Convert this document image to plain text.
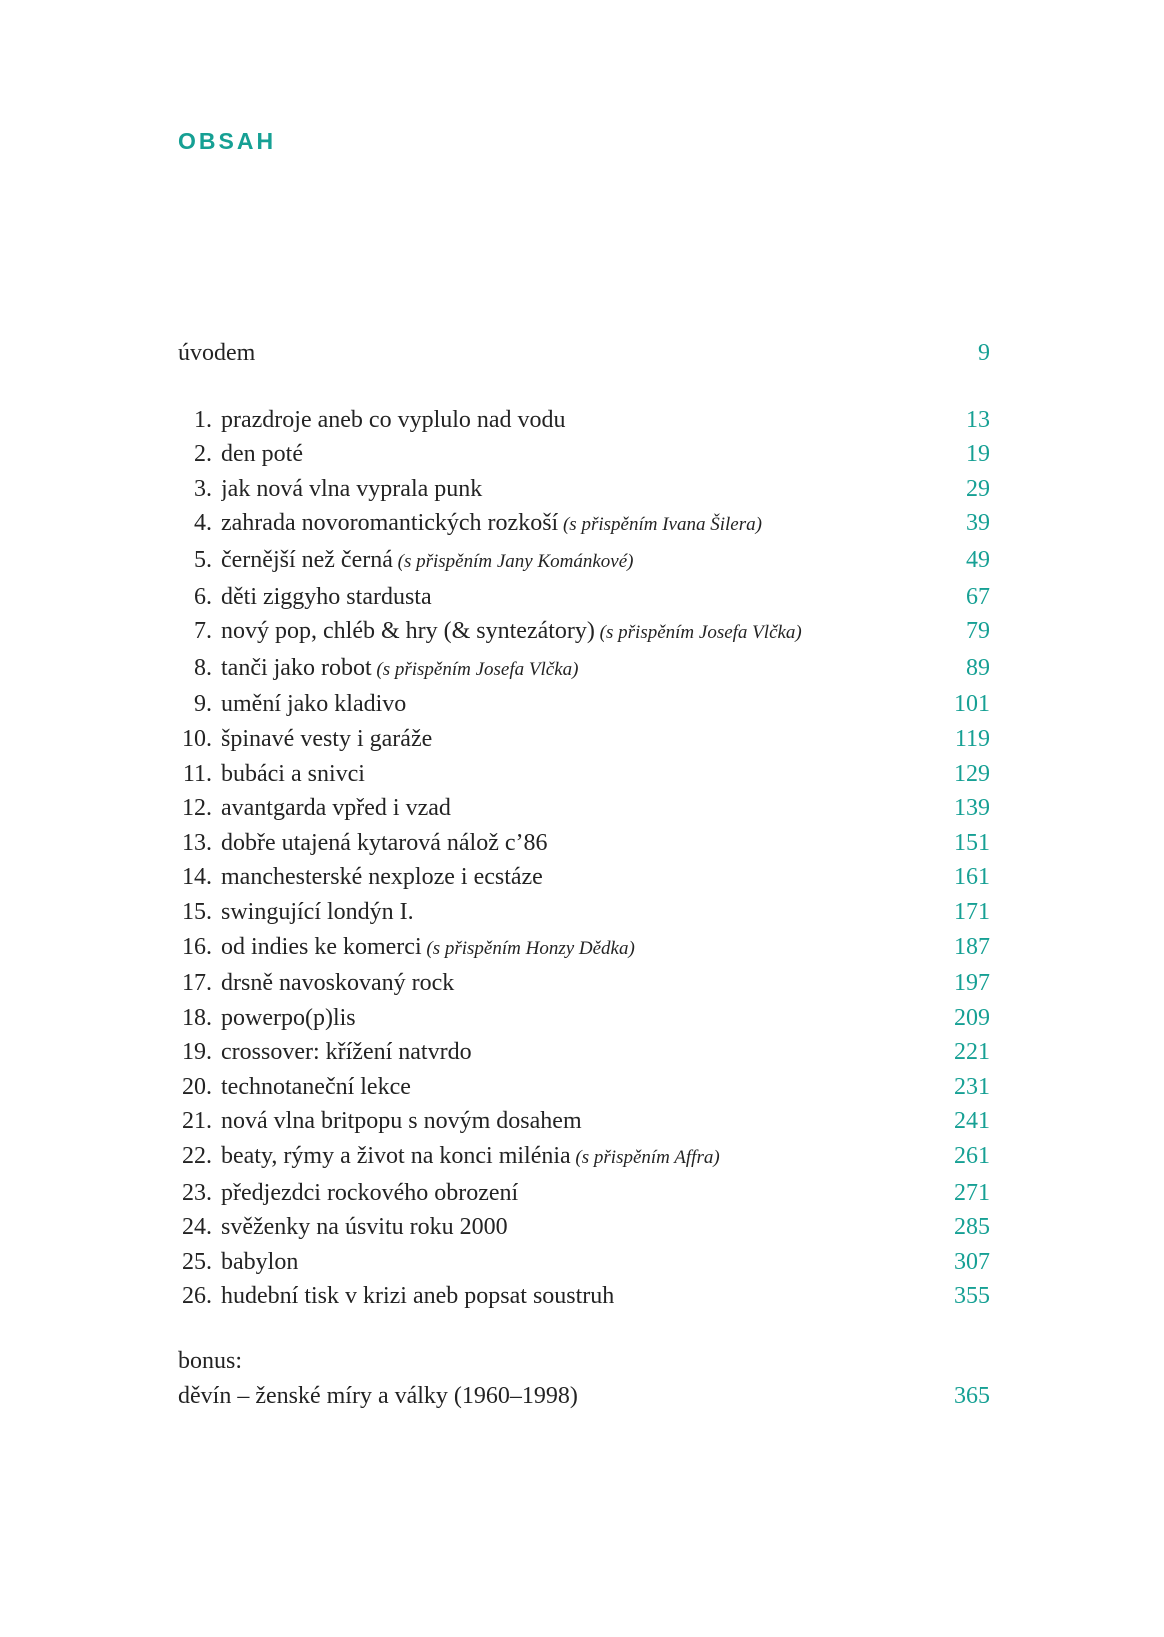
OBSAH
úvodem	9
1. prazdroje aneb co vyplulo nad vodu	13
2. den poté	19
3. jak nová vlna vyprala punk	29
4. zahrada novoromantických rozkoší (s přispěním Ivana Šilera)	39
5. černější než černá (s přispěním Jany Kománkové)	49
6. děti ziggyho stardusta	67
7. nový pop, chléb & hry (& syntezátory) (s přispěním Josefa Vlčka)	79
8. tanči jako robot (s přispěním Josefa Vlčka)	89
9. umění jako kladivo	101
10. špinavé vesty i garáže	119
11. bubáci a snivci	129
12. avantgarda vpřed i vzad	139
13. dobře utajená kytarová nálož c’86	151
14. manchesterské nexploze i ecstáze	161
15. swingující londýn I.	171
16. od indies ke komerci (s přispěním Honzy Dědka)	187
17. drsně navoskovaný rock	197
18. powerpo(p)lis	209
19. crossover: křížení natvrdo	221
20. technotaneční lekce	231
21. nová vlna britpopu s novým dosahem	241
22. beaty, rýmy a život na konci milénia (s přispěním Affra)	261
23. předjezdci rockového obrození	271
24. svěženky na úsvitu roku 2000	285
25. babylon	307
26. hudební tisk v krizi aneb popsat soustruh	355
bonus:
děvín – ženské míry a války (1960–1998)	365
